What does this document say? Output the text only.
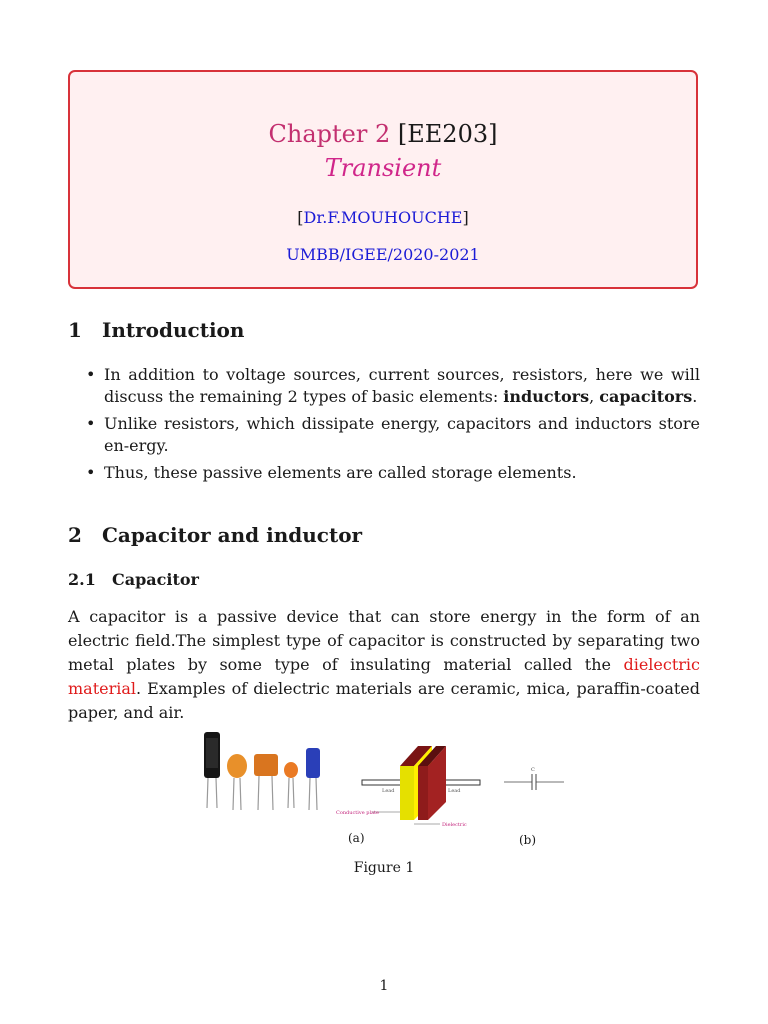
Chapter 2 [EE203]
Transient
[Dr.F.MOUHOUCHE]
UMBB/IGEE/2020-2021
1 Introduction
• In addition to voltage sources, current sources, resistors, here we will discuss the remaining 2 types of basic elements: inductors, capacitors.
• Unlike resistors, which dissipate energy, capacitors and inductors store en-ergy.
• Thus, these passive elements are called storage elements.
2 Capacitor and inductor
2.1 Capacitor

A capacitor is a passive device that can store energy in the form of an electric field.The simplest type of capacitor is constructed by separating two metal plates by some type of insulating material called the dielectric material. Examples of dielectric materials are ceramic, mica, paraffin-coated paper, and air.

Lead	Lead
Conductive plate
Dielectric
C
(a)	(b)
Figure 1
1
